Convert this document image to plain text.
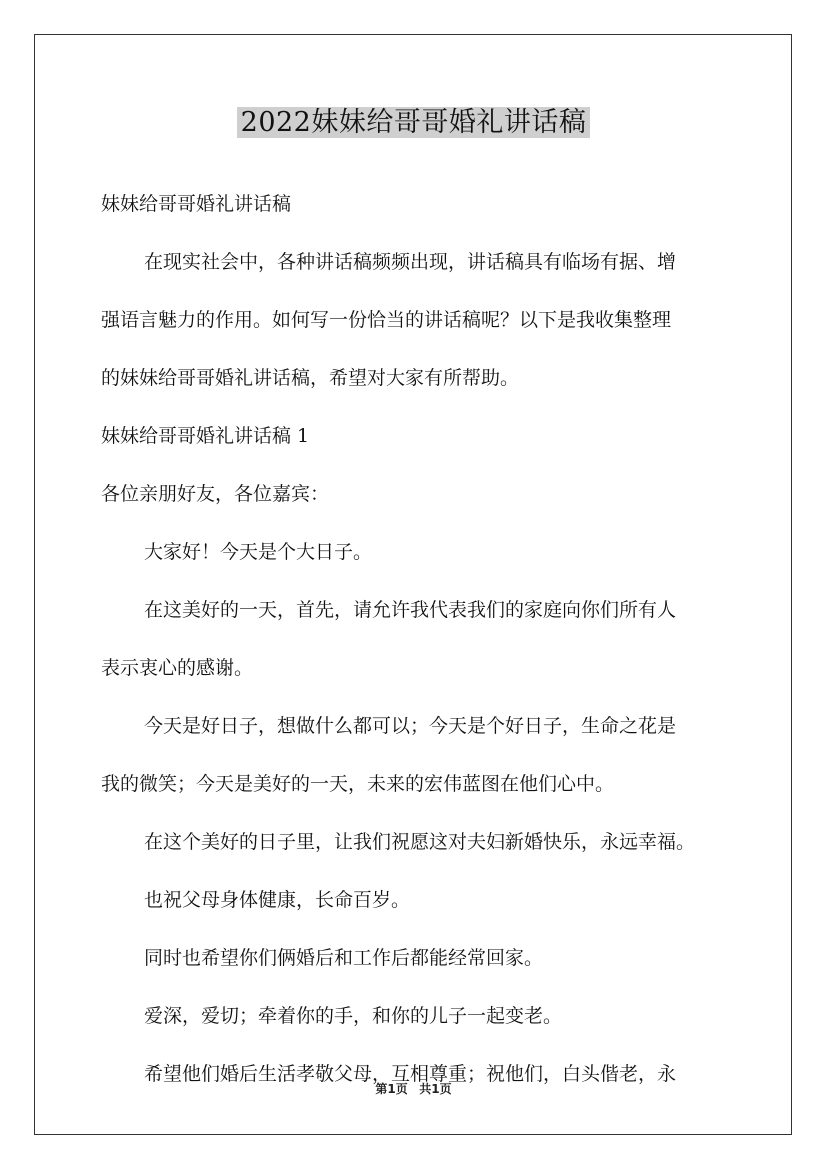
2022妹妹给哥哥婚礼讲话稿

妹妹给哥哥婚礼讲话稿

在现实社会中，各种讲话稿频频出现，讲话稿具有临场有据、增

强语言魅力的作用。如何写一份恰当的讲话稿呢？以下是我收集整理

的妹妹给哥哥婚礼讲话稿，希望对大家有所帮助。

妹妹给哥哥婚礼讲话稿 1

各位亲朋好友，各位嘉宾：

大家好！今天是个大日子。

在这美好的一天，首先，请允许我代表我们的家庭向你们所有人

表示衷心的感谢。

今天是好日子，想做什么都可以；今天是个好日子，生命之花是

我的微笑；今天是美好的一天，未来的宏伟蓝图在他们心中。

在这个美好的日子里，让我们祝愿这对夫妇新婚快乐，永远幸福。

也祝父母身体健康，长命百岁。

同时也希望你们俩婚后和工作后都能经常回家。

爱深，爱切；牵着你的手，和你的儿子一起变老。

希望他们婚后生活孝敬父母，互相尊重；祝他们，白头偕老，永

第1页 共1页
